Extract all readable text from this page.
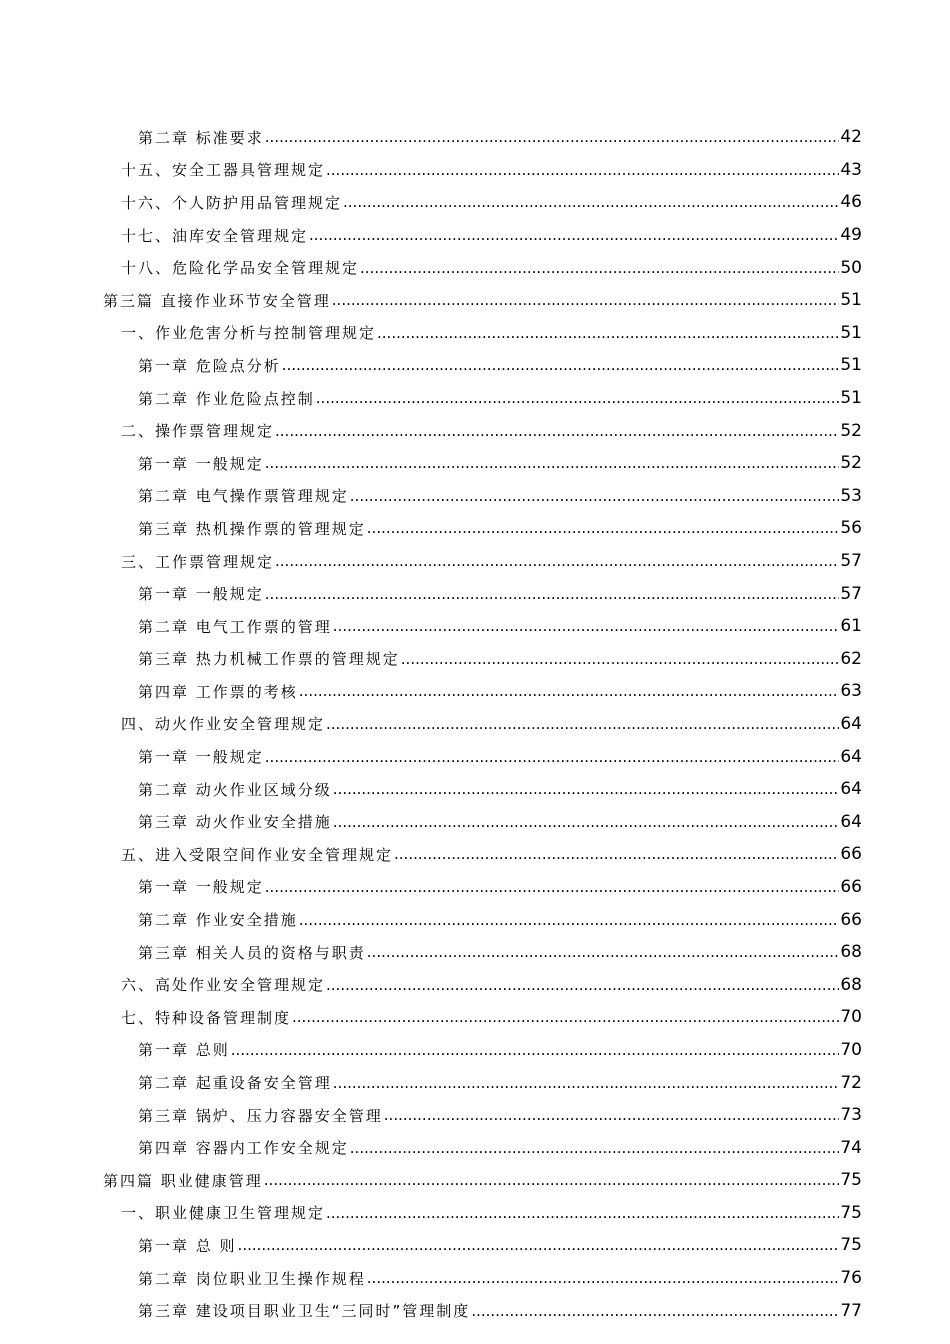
第二章 标准要求 .....	42
十五、安全工器具管理规定 .....	43
十六、个人防护用品管理规定 .....	46
十七、油库安全管理规定 .....	49
十八、危险化学品安全管理规定 .....	50
第三篇 直接作业环节安全管理 .....	51
一、作业危害分析与控制管理规定 .....	51
第一章 危险点分析 .....	51
第二章 作业危险点控制 .....	51
二、操作票管理规定 .....	52
第一章 一般规定 .....	52
第二章 电气操作票管理规定 .....	53
第三章 热机操作票的管理规定 .....	56
三、工作票管理规定 .....	57
第一章 一般规定 .....	57
第二章 电气工作票的管理 .....	61
第三章 热力机械工作票的管理规定 .....	62
第四章 工作票的考核 .....	63
四、动火作业安全管理规定 .....	64
第一章 一般规定 .....	64
第二章 动火作业区域分级 .....	64
第三章 动火作业安全措施 .....	64
五、进入受限空间作业安全管理规定 .....	66
第一章 一般规定 .....	66
第二章 作业安全措施 .....	66
第三章 相关人员的资格与职责 .....	68
六、高处作业安全管理规定 .....	68
七、特种设备管理制度 .....	70
第一章 总则 .....	70
第二章 起重设备安全管理 .....	72
第三章 锅炉、压力容器安全管理 .....	73
第四章 容器内工作安全规定 .....	74
第四篇 职业健康管理 .....	75
一、职业健康卫生管理规定 .....	75
第一章 总 则 .....	75
第二章 岗位职业卫生操作规程 .....	76
第三章 建设项目职业卫生“三同时”管理制度 .....	77
